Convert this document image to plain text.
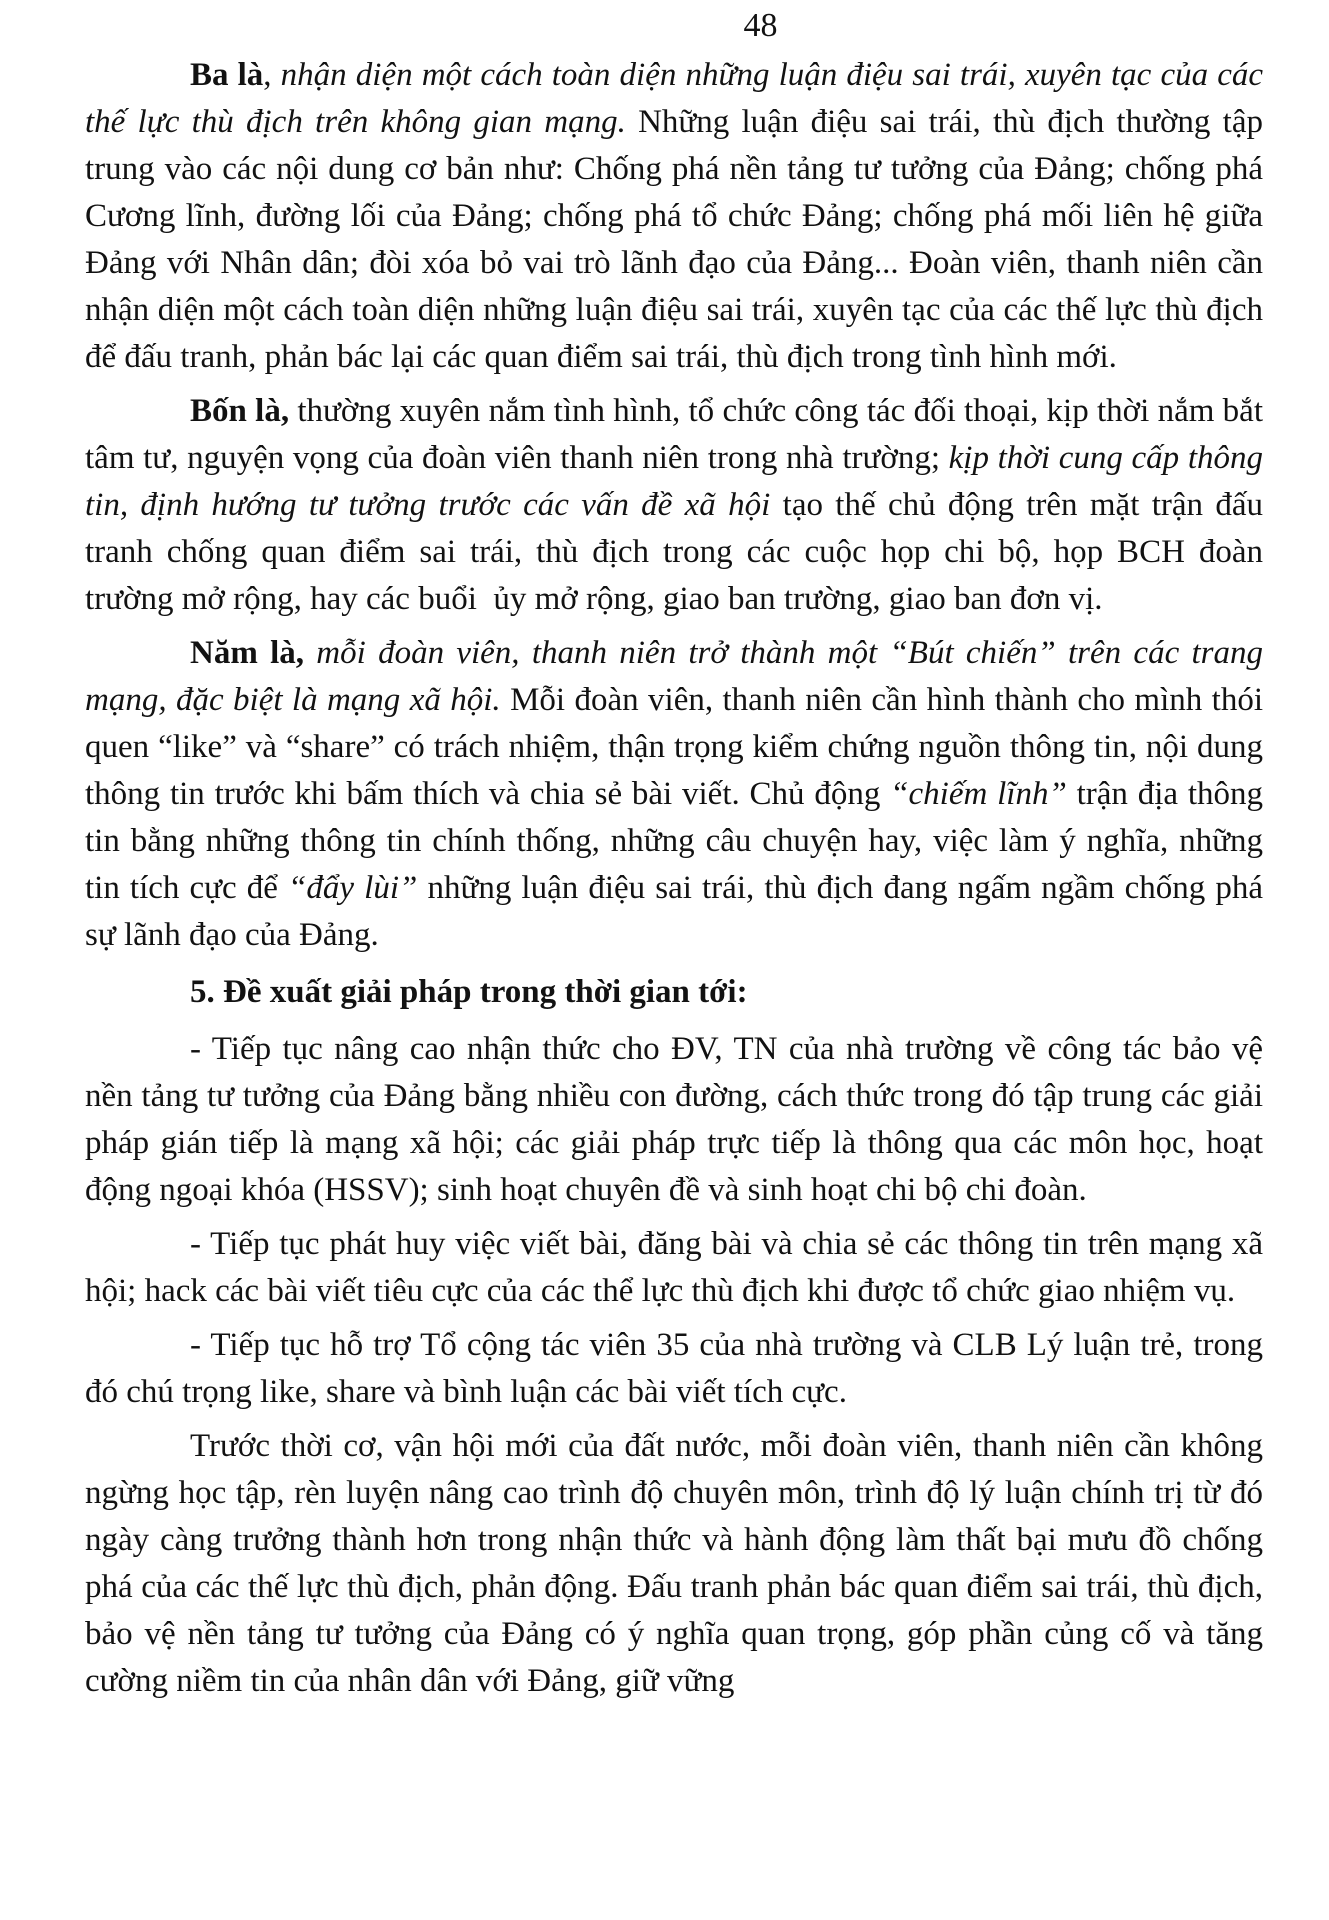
48

Ba là, nhận diện một cách toàn diện những luận điệu sai trái, xuyên tạc của các thế lực thù địch trên không gian mạng. Những luận điệu sai trái, thù địch thường tập trung vào các nội dung cơ bản như: Chống phá nền tảng tư tưởng của Đảng; chống phá Cương lĩnh, đường lối của Đảng; chống phá tổ chức Đảng; chống phá mối liên hệ giữa Đảng với Nhân dân; đòi xóa bỏ vai trò lãnh đạo của Đảng... Đoàn viên, thanh niên cần nhận diện một cách toàn diện những luận điệu sai trái, xuyên tạc của các thế lực thù địch để đấu tranh, phản bác lại các quan điểm sai trái, thù địch trong tình hình mới.

Bốn là, thường xuyên nắm tình hình, tổ chức công tác đối thoại, kịp thời nắm bắt tâm tư, nguyện vọng của đoàn viên thanh niên trong nhà trường; kịp thời cung cấp thông tin, định hướng tư tưởng trước các vấn đề xã hội tạo thế chủ động trên mặt trận đấu tranh chống quan điểm sai trái, thù địch trong các cuộc họp chi bộ, họp BCH đoàn trường mở rộng, hay các buổi  ủy mở rộng, giao ban trường, giao ban đơn vị.

Năm là, mỗi đoàn viên, thanh niên trở thành một “Bút chiến” trên các trang mạng, đặc biệt là mạng xã hội. Mỗi đoàn viên, thanh niên cần hình thành cho mình thói quen “like” và “share” có trách nhiệm, thận trọng kiểm chứng nguồn thông tin, nội dung thông tin trước khi bấm thích và chia sẻ bài viết. Chủ động “chiếm lĩnh” trận địa thông tin bằng những thông tin chính thống, những câu chuyện hay, việc làm ý nghĩa, những tin tích cực để “đẩy lùi” những luận điệu sai trái, thù địch đang ngấm ngầm chống phá sự lãnh đạo của Đảng.

5. Đề xuất giải pháp trong thời gian tới:

- Tiếp tục nâng cao nhận thức cho ĐV, TN của nhà trường về công tác bảo vệ nền tảng tư tưởng của Đảng bằng nhiều con đường, cách thức trong đó tập trung các giải pháp gián tiếp là mạng xã hội; các giải pháp trực tiếp là thông qua các môn học, hoạt động ngoại khóa (HSSV); sinh hoạt chuyên đề và sinh hoạt chi bộ chi đoàn.

- Tiếp tục phát huy việc viết bài, đăng bài và chia sẻ các thông tin trên mạng xã hội; hack các bài viết tiêu cực của các thể lực thù địch khi được tổ chức giao nhiệm vụ.

- Tiếp tục hỗ trợ Tổ cộng tác viên 35 của nhà trường và CLB Lý luận trẻ, trong đó chú trọng like, share và bình luận các bài viết tích cực.

Trước thời cơ, vận hội mới của đất nước, mỗi đoàn viên, thanh niên cần không ngừng học tập, rèn luyện nâng cao trình độ chuyên môn, trình độ lý luận chính trị từ đó ngày càng trưởng thành hơn trong nhận thức và hành động làm thất bại mưu đồ chống phá của các thế lực thù địch, phản động. Đấu tranh phản bác quan điểm sai trái, thù địch, bảo vệ nền tảng tư tưởng của Đảng có ý nghĩa quan trọng, góp phần củng cố và tăng cường niềm tin của nhân dân với Đảng, giữ vững
